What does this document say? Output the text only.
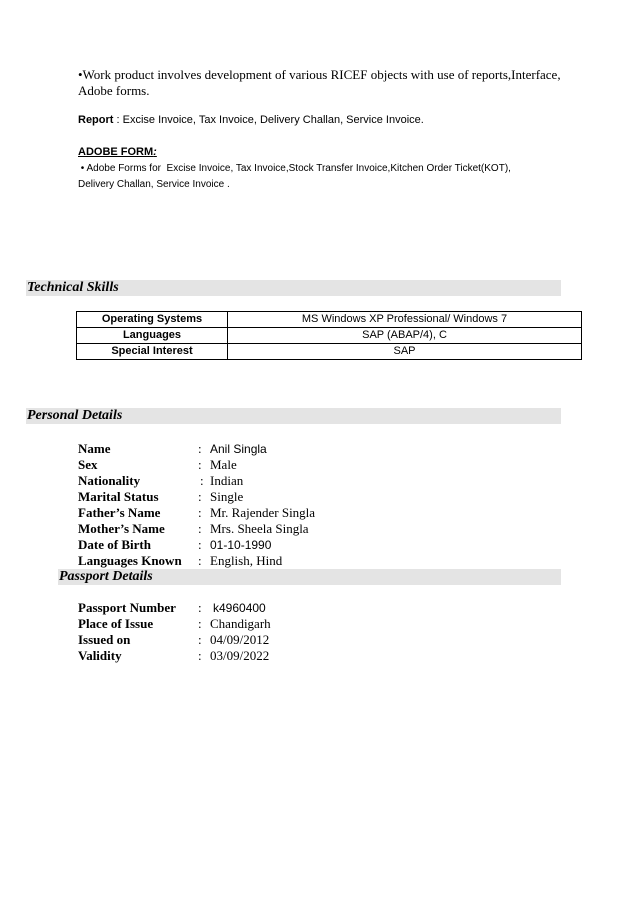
•Work product involves development of various RICEF objects with use of reports,Interface,
Adobe forms.
Report : Excise Invoice, Tax Invoice, Delivery Challan, Service Invoice.
ADOBE FORM:
• Adobe Forms for  Excise Invoice, Tax Invoice,Stock Transfer Invoice,Kitchen Order Ticket(KOT),
Delivery Challan, Service Invoice .
Technical Skills
Operating Systems	MS Windows XP Professional/ Windows 7
Languages	SAP (ABAP/4), C
Special Interest	SAP
Personal Details
Name	: Anil Singla
Sex	: Male
Nationality	: Indian
Marital Status	: Single
Father’s Name	: Mr. Rajender Singla
Mother’s Name	: Mrs. Sheela Singla
Date of Birth	: 01-10-1990
Languages Known : English, Hind
Passport Details
Passport Number : k4960400
Place of Issue	: Chandigarh
Issued on	: 04/09/2012
Validity	: 03/09/2022
